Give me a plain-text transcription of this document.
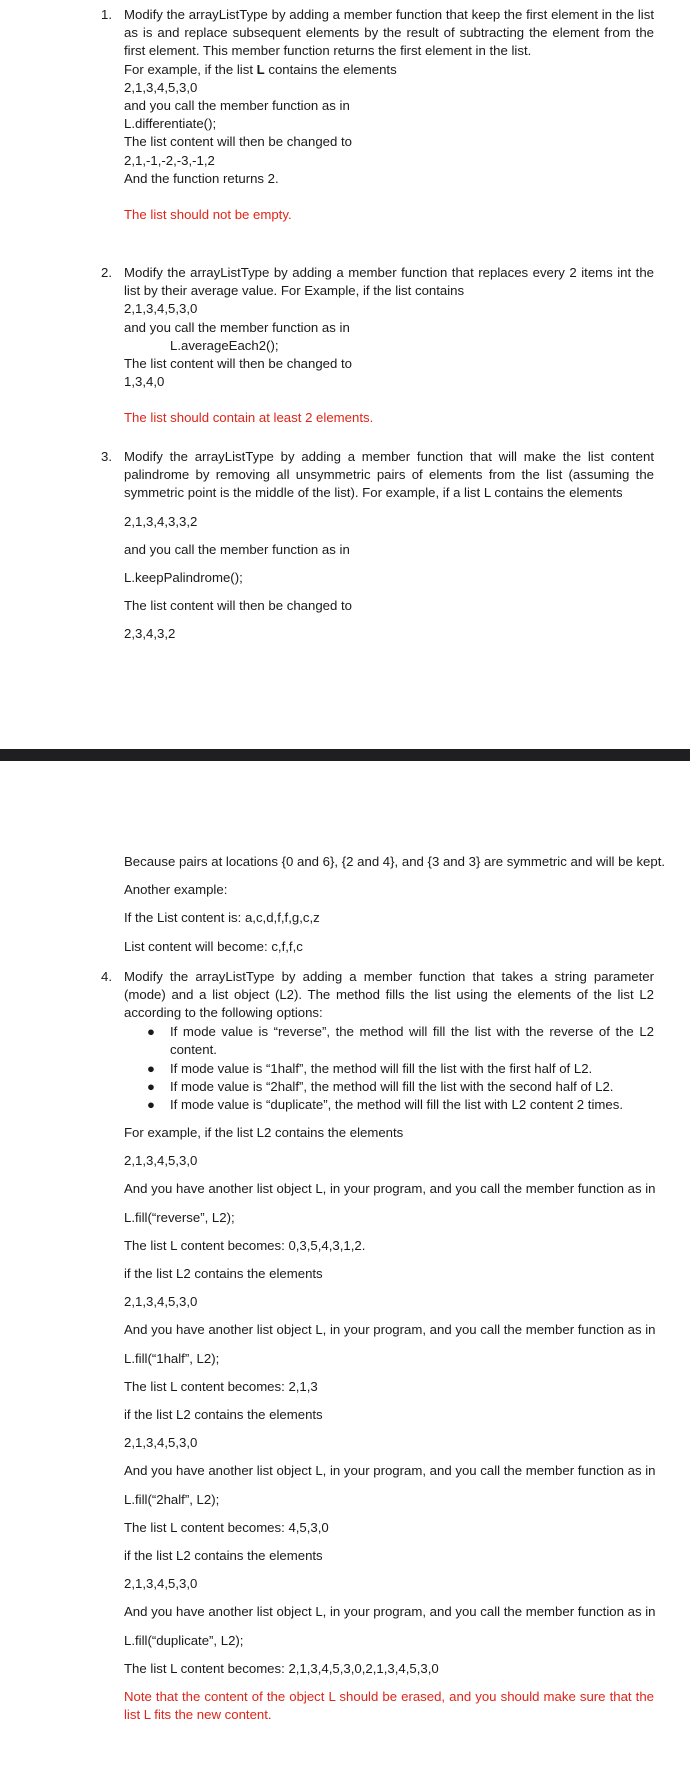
1. Modify the arrayListType by adding a member function that keep the first element in the list as is and replace subsequent elements by the result of subtracting the element from the first element. This member function returns the first element in the list.

For example, if the list L contains the elements

2,1,3,4,5,3,0

and you call the member function as in

L.differentiate();

The list content will then be changed to

2,1,-1,-2,-3,-1,2

And the function returns 2.

The list should not be empty.

2. Modify the arrayListType by adding a member function that replaces every 2 items int the list by their average value. For Example, if the list contains

2,1,3,4,5,3,0

and you call the member function as in

L.averageEach2();

The list content will then be changed to

1,3,4,0

The list should contain at least 2 elements.

3. Modify the arrayListType by adding a member function that will make the list content palindrome by removing all unsymmetric pairs of elements from the list (assuming the symmetric point is the middle of the list). For example, if a list L contains the elements

2,1,3,4,3,3,2

and you call the member function as in

L.keepPalindrome();

The list content will then be changed to

2,3,4,3,2

Because pairs at locations {0 and 6}, {2 and 4}, and {3 and 3} are symmetric and will be kept.

Another example:

If the List content is: a,c,d,f,f,g,c,z

List content will become: c,f,f,c

4. Modify the arrayListType by adding a member function that takes a string parameter (mode) and a list object (L2). The method fills the list using the elements of the list L2 according to the following options:

● If mode value is “reverse”, the method will fill the list with the reverse of the L2 content.
● If mode value is “1half”, the method will fill the list with the first half of L2.
● If mode value is “2half”, the method will fill the list with the second half of L2.
● If mode value is “duplicate”, the method will fill the list with L2 content 2 times.

For example, if the list L2 contains the elements

2,1,3,4,5,3,0

And you have another list object L, in your program, and you call the member function as in

L.fill(“reverse”, L2);

The list L content becomes: 0,3,5,4,3,1,2.

if the list L2 contains the elements

2,1,3,4,5,3,0

And you have another list object L, in your program, and you call the member function as in

L.fill(“1half”, L2);

The list L content becomes: 2,1,3

if the list L2 contains the elements

2,1,3,4,5,3,0

And you have another list object L, in your program, and you call the member function as in

L.fill(“2half”, L2);

The list L content becomes: 4,5,3,0

if the list L2 contains the elements

2,1,3,4,5,3,0

And you have another list object L, in your program, and you call the member function as in

L.fill(“duplicate”, L2);

The list L content becomes: 2,1,3,4,5,3,0,2,1,3,4,5,3,0

Note that the content of the object L should be erased, and you should make sure that the list L fits the new content.
